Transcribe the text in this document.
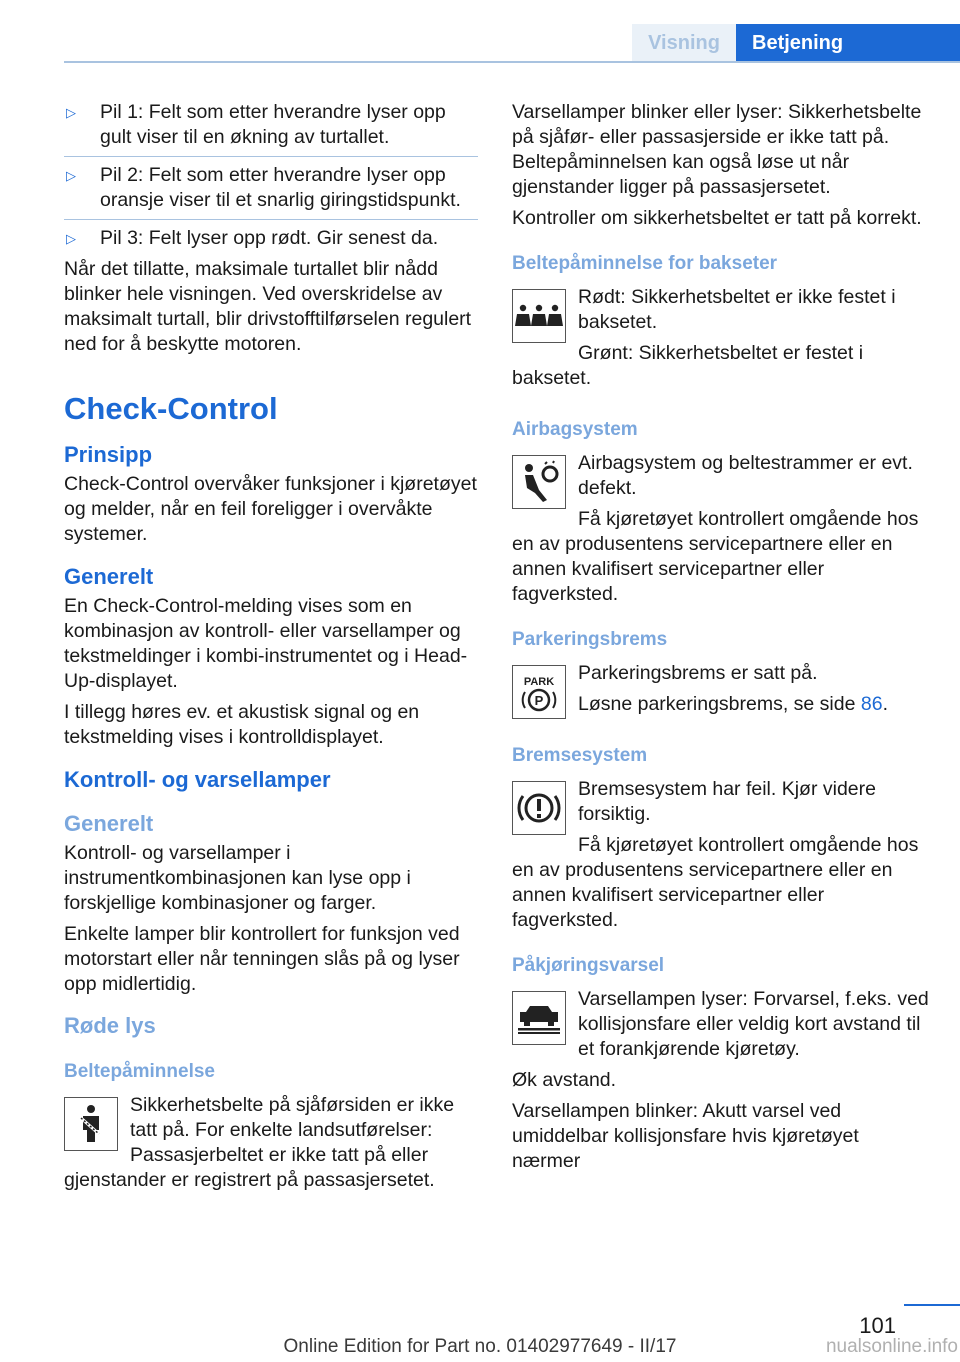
Visning	Betjening
▷	Pil 1: Felt som etter hverandre lyser opp gult viser til en økning av turtallet.
▷	Pil 2: Felt som etter hverandre lyser opp oransje viser til et snarlig giringstidspunkt.
▷	Pil 3: Felt lyser opp rødt. Gir senest da.

Når det tillatte, maksimale turtallet blir nådd blinker hele visningen. Ved overskridelse av maksimalt turtall, blir drivstofftilførselen regulert ned for å beskytte motoren.

Check-Control
Prinsipp

Check-Control overvåker funksjoner i kjøretøyet og melder, når en feil foreligger i overvåkte systemer.

Generelt

En Check-Control-melding vises som en kombinasjon av kontroll- eller varsellamper og tekstmeldinger i kombi-instrumentet og i Head-Up-displayet.

I tillegg høres ev. et akustisk signal og en tekstmelding vises i kontrolldisplayet.

Kontroll- og varsellamper
Generelt

Kontroll- og varsellamper i instrumentkombinasjonen kan lyse opp i forskjellige kombinasjoner og farger.

Enkelte lamper blir kontrollert for funksjon ved motorstart eller når tenningen slås på og lyser opp midlertidig.

Røde lys
Beltepåminnelse

Sikkerhetsbelte på sjåførsiden er ikke tatt på. For enkelte landsutførelser: Passasjerbeltet er ikke tatt på eller gjenstander er registrert på passasjersetet.

Varsellamper blinker eller lyser: Sikkerhetsbelte på sjåfør- eller passasjerside er ikke tatt på. Beltepåminnelsen kan også løse ut når gjenstander ligger på passasjersetet.

Kontroller om sikkerhetsbeltet er tatt på korrekt.

Beltepåminnelse for bakseter

Rødt: Sikkerhetsbeltet er ikke festet i baksetet.

Grønt: Sikkerhetsbeltet er festet i baksetet.

Airbagsystem

Airbagsystem og beltestrammer er evt. defekt.

Få kjøretøyet kontrollert omgående hos en av produsentens servicepartnere eller en annen kvalifisert servicepartner eller fagverksted.

Parkeringsbrems
PARK
P

Parkeringsbrems er satt på.

Løsne parkeringsbrems, se side 86.

Bremsesystem

Bremsesystem har feil. Kjør videre forsiktig.

Få kjøretøyet kontrollert omgående hos en av produsentens servicepartnere eller en annen kvalifisert servicepartner eller fagverksted.

Påkjøringsvarsel

Varsellampen lyser: Forvarsel, f.eks. ved kollisjonsfare eller veldig kort avstand til et forankjørende kjøretøy.

Øk avstand.

Varsellampen blinker: Akutt varsel ved umiddelbar kollisjonsfare hvis kjøretøyet nærmer

101
Online Edition for Part no. 01402977649 - II/17	nualsonline.info
